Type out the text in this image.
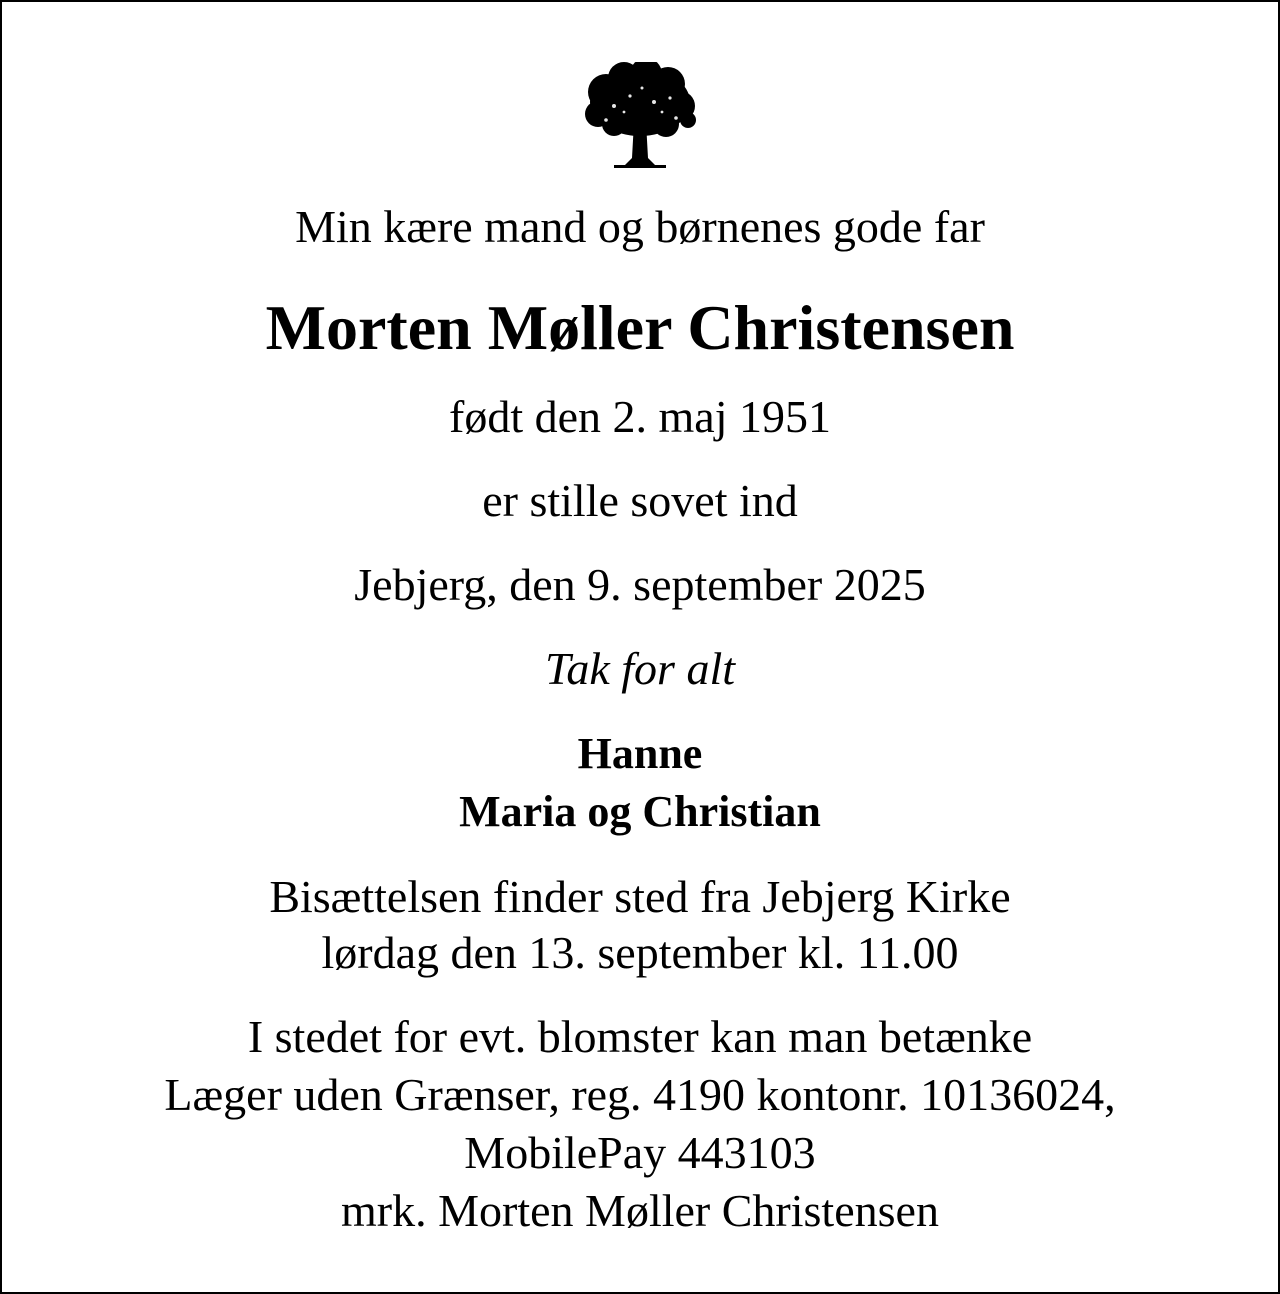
Min kære mand og børnenes gode far
Morten Møller Christensen
født den 2. maj 1951
er stille sovet ind
Jebjerg, den 9. september 2025
Tak for alt
Hanne
Maria og Christian
Bisættelsen finder sted fra Jebjerg Kirke
lørdag den 13. september kl. 11.00
I stedet for evt. blomster kan man betænke
Læger uden Grænser, reg. 4190 kontonr. 10136024,
MobilePay 443103
mrk. Morten Møller Christensen
